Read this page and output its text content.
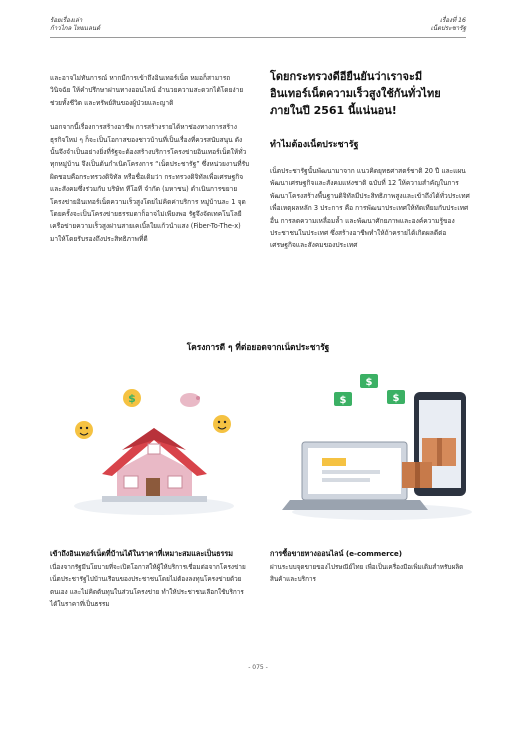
ร้อยเรื่องเล่า
ก้าวไกล ไทยแลนด์
เรื่องที่ 16
เน็ตประชารัฐ

และอาจไม่ทันการณ์ หากมีการเข้าถึงอินเทอร์เน็ต หมอก็สามารถวินิจฉัย ให้คำปรึกษาผ่านทางออนไลน์ อำนวยความสะดวกได้โดยง่าย ช่วยทั้งชีวิต และทรัพย์สินของผู้ป่วยและญาติ

นอกจากนี้เรื่องการสร้างอาชีพ การสร้างรายได้หาช่องทางการสร้างธุรกิจใหม่ ๆ ก็จะเป็นโอกาสของชาวบ้านที่เป็นเรื่องที่ควรสนับสนุน ดังนั้นจึงจำเป็นอย่างยิ่งที่รัฐจะต้องสร้างบริการโครงข่ายอินเทอร์เน็ตให้ทั่วทุกหมู่บ้าน จึงเป็นต้นกำเนิดโครงการ “เน็ตประชารัฐ” ซึ่งหน่วยงานที่รับผิดชอบคือกระทรวงดิจิทัล หรือชื่อเดิมว่า กระทรวงดิจิทัลเพื่อเศรษฐกิจและสังคมซึ่งร่วมกับ บริษัท ทีโอที จำกัด (มหาชน) ดำเนินการขยายโครงข่ายอินเทอร์เน็ตความเร็วสูงโดยไม่คิดค่าบริการ หมู่บ้านละ 1 จุด โดยครั้งจะเป็นโครงข่ายธรรมดาก็อาจไม่เพียงพอ รัฐจึงจัดเทคโนโลยีเครือข่ายความเร็วสูงผ่านสายเคเบิ้ลใยแก้วนำแสง (Fiber-To-The-x) มาให้โดยรับรองถึงประสิทธิภาพที่ดี

โดยกระทรวงดีอียืนยันว่าเราจะมีอินเทอร์เน็ตความเร็วสูงใช้กันทั่วไทยภายในปี 2561 นี้แน่นอน!
ทำไมต้องเน็ตประชารัฐ

เน็ตประชารัฐนั้นพัฒนามาจาก แนวคิดยุทธศาสตร์ชาติ 20 ปี และแผนพัฒนาเศรษฐกิจและสังคมแห่งชาติ ฉบับที่ 12 ให้ความสำคัญในการพัฒนาโครงสร้างพื้นฐานดิจิทัลมีประสิทธิภาพสูงและเข้าถึงได้ทั่วประเทศ เพื่อเหตุผลหลัก 3 ประการ คือ การพัฒนาประเทศให้ทัดเทียมกับประเทศอื่น การลดความเหลื่อมล้ำ และพัฒนาศักยภาพและองค์ความรู้ของประชาชนในประเทศ ซึ่งสร้างอาชีพทำให้ถ้าครายได้เกิดผลดีต่อเศรษฐกิจและสังคมของประเทศ

โครงการดี ๆ ที่ต่อยอดจากเน็ตประชารัฐ
$	$
$
$
เข้าถึงอินเทอร์เน็ตที่บ้านได้ในราคาที่เหมาะสมและเป็นธรรม

เนื่องจากรัฐมีนโยบายที่จะเปิดโอกาสให้ผู้ให้บริการเชื่อมต่อจากโครงข่ายเน็ตประชารัฐไปบ้านเรือนของประชาชนโดยไม่ต้องลงทุนโครงข่ายด้วยตนเอง และไม่คิดต้นทุนในส่วนโครงข่าย ทำให้ประชาชนเลือกใช้บริการได้ในราคาที่เป็นธรรม

การซื้อขายทางออนไลน์ (e-commerce)

ผ่านระบบจุดขายของไปรษณีย์ไทย เพื่อเป็นเครื่องมือเพิ่มเติมสำหรับผลิตสินค้าและบริการ

- 075 -
